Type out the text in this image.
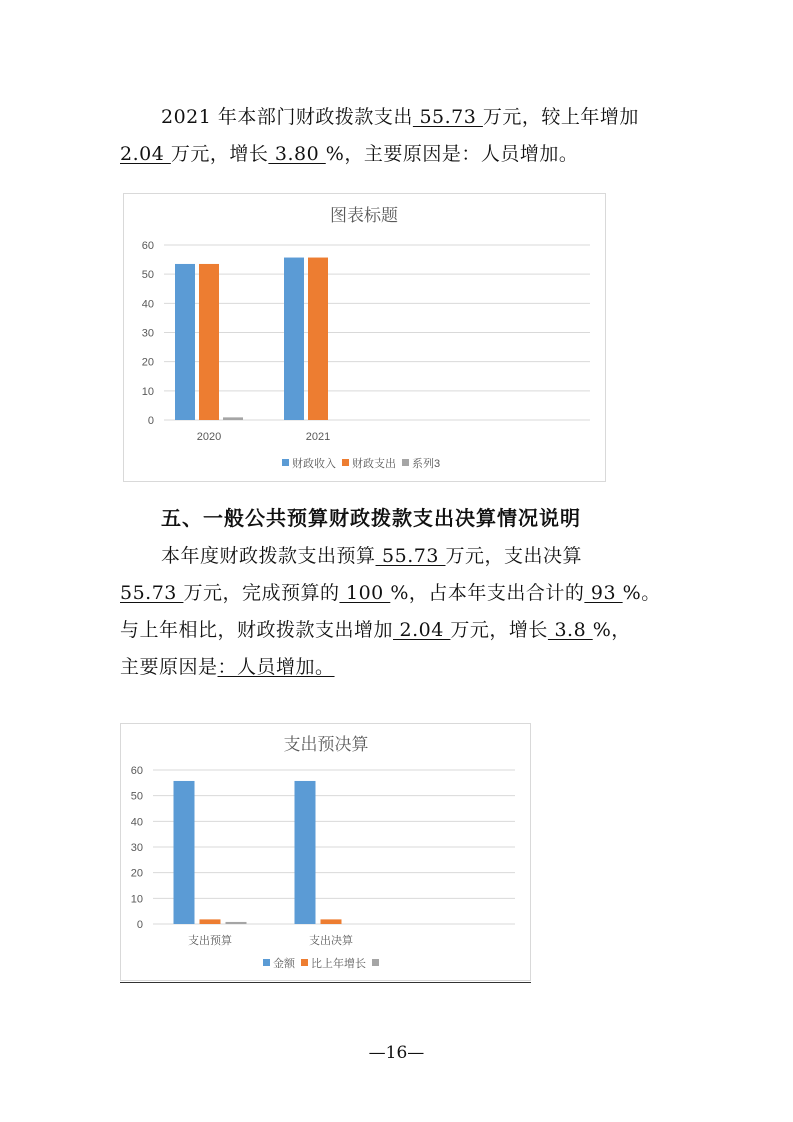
2021 年本部门财政拨款支出 55.73 万元，较上年增加
2.04 万元，增长 3.80 %，主要原因是：人员增加。
图表标题
0
10
20
30
40
50
60
2020	2021
财政收入 财政支出 系列3
五、一般公共预算财政拨款支出决算情况说明
本年度财政拨款支出预算 55.73 万元，支出决算
55.73 万元，完成预算的 100 %，占本年支出合计的 93 %。
与上年相比，财政拨款支出增加 2.04 万元，增长 3.8 %，
主要原因是：人员增加。
支出预决算
0
10
20
30
40
50
60
支出预算	支出决算
金额 比上年增长
—16—
